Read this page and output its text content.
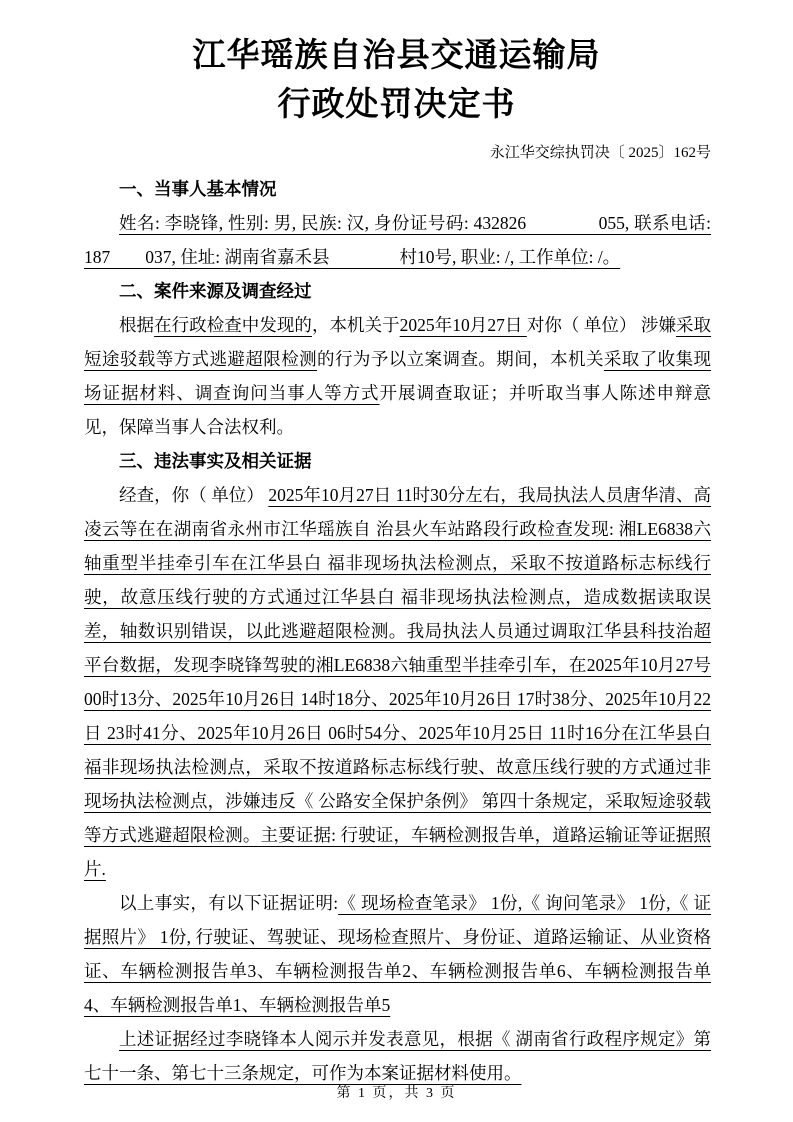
江华瑶族自治县交通运输局
行政处罚决定书
永江华交综执罚决〔 2025〕162号
一、当事人基本情况

姓名: 李晓锋, 性别: 男, 民族: 汉, 身份证号码: 432826　　　　055, 联系电话: 187　　037, 住址: 湖南省嘉禾县　　　　村10号, 职业: /, 工作单位: /。

二、案件来源及调查经过

根据在行政检查中发现的，本机关于2025年10月27日 对你（ 单位） 涉嫌采取短途驳载等方式逃避超限检测的行为予以立案调查。期间，本机关采取了收集现场证据材料、调查询问当事人等方式开展调查取证；并听取当事人陈述申辩意见，保障当事人合法权利。

三、违法事实及相关证据

经查，你（ 单位） 2025年10月27日 11时30分左右，我局执法人员唐华清、高凌云等在在湖南省永州市江华瑶族自 治县火车站路段行政检查发现: 湘LE6838六轴重型半挂牵引车在江华县白 福非现场执法检测点，采取不按道路标志标线行驶，故意压线行驶的方式通过江华县白 福非现场执法检测点，造成数据读取误差，轴数识别错误，以此逃避超限检测。我局执法人员通过调取江华县科技治超平台数据，发现李晓锋驾驶的湘LE6838六轴重型半挂牵引车，在2025年10月27号00时13分、2025年10月26日 14时18分、2025年10月26日 17时38分、2025年10月22日 23时41分、2025年10月26日 06时54分、2025年10月25日 11时16分在江华县白 福非现场执法检测点，采取不按道路标志标线行驶、故意压线行驶的方式通过非现场执法检测点，涉嫌违反《 公路安全保护条例》 第四十条规定，采取短途驳载等方式逃避超限检测。主要证据: 行驶证，车辆检测报告单，道路运输证等证据照片.

以上事实，有以下证据证明:《 现场检查笔录》 1份,《 询问笔录》 1份,《 证据照片》 1份, 行驶证、驾驶证、现场检查照片、身份证、道路运输证、从业资格证、车辆检测报告单3、车辆检测报告单2、车辆检测报告单6、车辆检测报告单4、车辆检测报告单1、车辆检测报告单5

上述证据经过李晓锋本人阅示并发表意见，根据《 湖南省行政程序规定》第七十一条、第七十三条规定，可作为本案证据材料使用。

第 1 页，共 3 页
